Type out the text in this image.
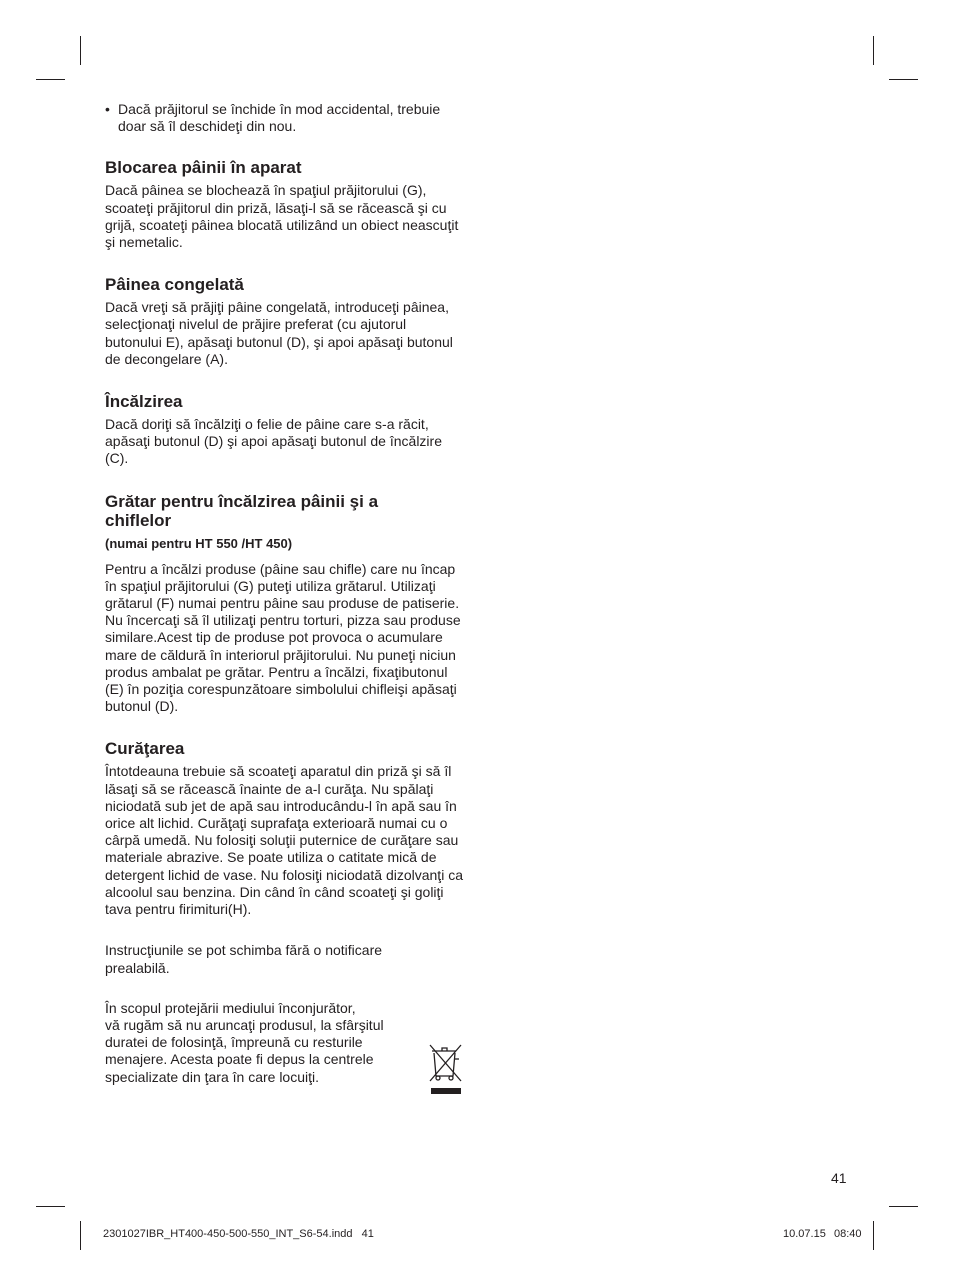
• Dacă prăjitorul se închide în mod accidental, trebuie doar să îl deschideţi din nou.
Blocarea pâinii în aparat

Dacă pâinea se blochează în spaţiul prăjitorului (G), scoateţi prăjitorul din priză, lăsaţi-l să se răcească şi cu grijă, scoateţi pâinea blocată utilizând un obiect neascuţit şi nemetalic.

Pâinea congelată

Dacă vreţi să prăjiţi pâine congelată, introduceţi pâinea, selecţionaţi nivelul de prăjire preferat (cu ajutorul butonului E), apăsaţi butonul (D), şi apoi apăsaţi butonul de decongelare (A).

Încălzirea

Dacă doriţi să încălziţi o felie de pâine care s-a răcit, apăsaţi butonul (D) şi apoi apăsaţi butonul de încălzire (C).

Grătar pentru încălzirea pâinii şi a chiflelor
(numai pentru HT 550 /HT 450)

Pentru a încălzi produse (pâine sau chifle) care nu încap în spaţiul prăjitorului (G) puteţi utiliza grătarul. Utilizaţi grătarul (F) numai pentru pâine sau produse de patiserie. Nu încercaţi să îl utilizaţi pentru torturi, pizza sau produse similare.Acest tip de produse pot provoca o acumulare mare de căldură în interiorul prăjitorului. Nu puneţi niciun produs ambalat pe grătar. Pentru a încălzi, fixaţibutonul (E) în poziţia corespunzătoare simbolului chifleişi apăsaţi butonul (D).

Curăţarea

Întotdeauna trebuie să scoateţi aparatul din priză şi să îl lăsaţi să se răcească înainte de a-l curăţa. Nu spălaţi niciodată sub jet de apă sau introducându-l în apă sau în orice alt lichid. Curăţaţi suprafaţa exterioară numai cu o cârpă umedă. Nu folosiţi soluţii puternice de curăţare sau materiale abrazive. Se poate utiliza o catitate mică de detergent lichid de vase. Nu folosiţi niciodată dizolvanţi ca alcoolul sau benzina. Din când în când scoateţi şi goliţi tava pentru firimituri(H).

Instrucţiunile se pot schimba fără o notificare prealabilă.

În scopul protejării mediului înconjurător,
vă rugăm să nu aruncaţi produsul, la sfârşitul
duratei de folosinţă, împreună cu resturile
menajere. Acesta poate fi depus la centrele
specializate din ţara în care locuiţi.
41
2301027IBR_HT400-450-500-550_INT_S6-54.indd   41	10.07.15 08:40
